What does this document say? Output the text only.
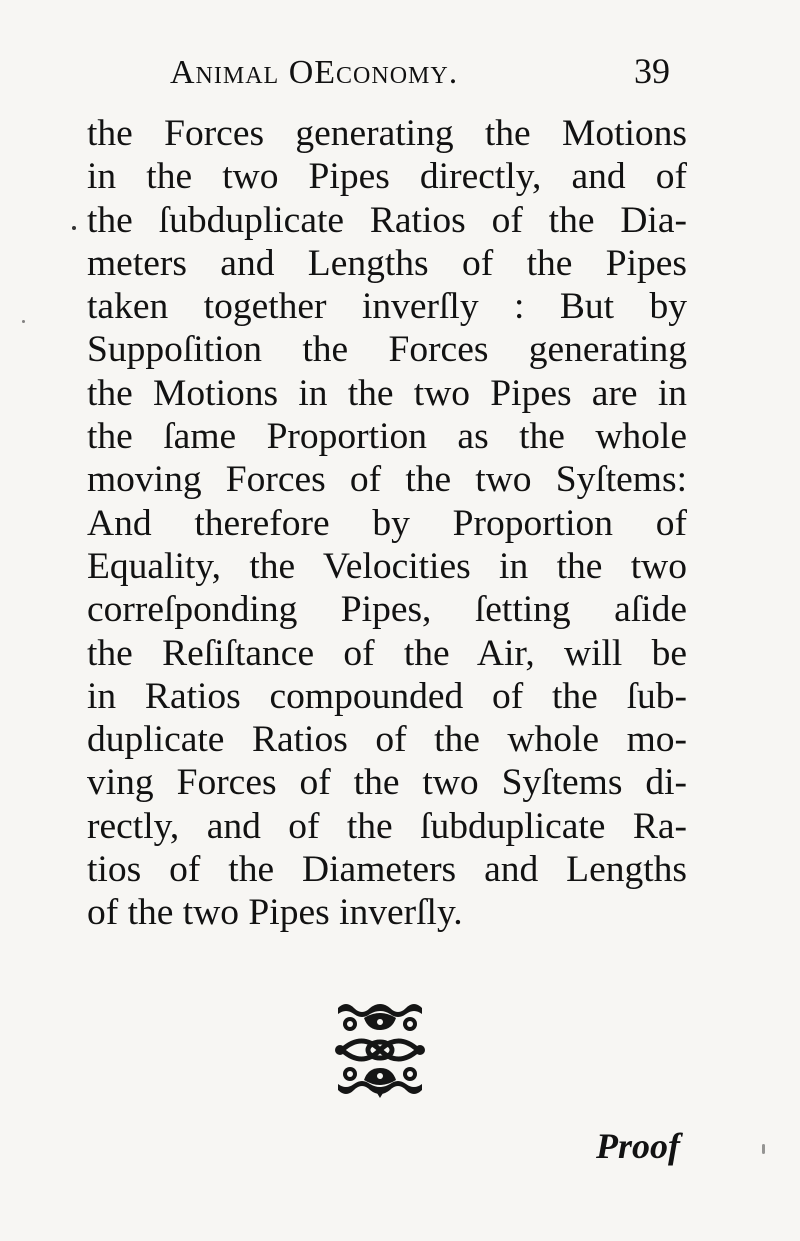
Animal OEconomy.	39
the Forces generating the Motions
in the two Pipes directly, and of
the ſubduplicate Ratios of the Dia-
meters and Lengths of the Pipes
taken together inverſly : But by
Suppoſition the Forces generating
the Motions in the two Pipes are in
the ſame Proportion as the whole
moving Forces of the two Syſtems:
And therefore by Proportion of
Equality, the Velocities in the two
correſponding Pipes, ſetting aſide
the Reſiſtance of the Air, will be
in Ratios compounded of the ſub-
duplicate Ratios of the whole mo-
ving Forces of the two Syſtems di-
rectly, and of the ſubduplicate Ra-
tios of the Diameters and Lengths
of the two Pipes inverſly.
Proof
